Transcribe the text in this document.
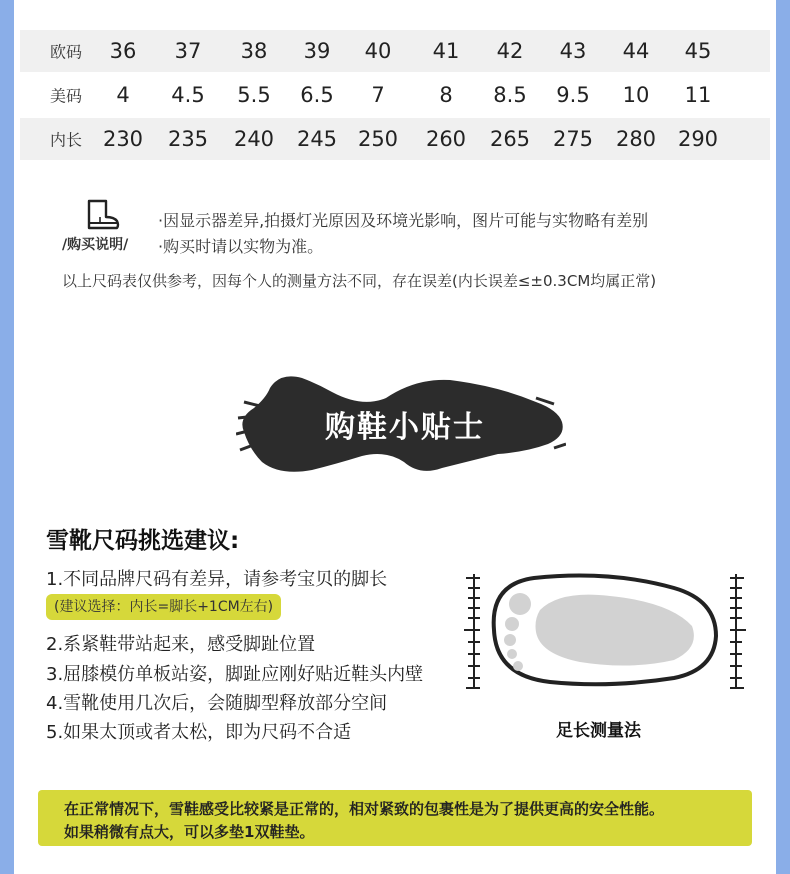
欧码 36 37 38 39 40 41 42 43 44 45
美码 4 4.5 5.5 6.5 7	8 8.5 9.5 10 11
内长 230 235 240 245 250 260 265 275 280 290
/购买说明/
·因显示器差异,拍摄灯光原因及环境光影响，图片可能与实物略有差别
·购买时请以实物为准。
以上尺码表仅供参考，因每个人的测量方法不同，存在误差(内长误差≤±0.3CM均属正常)
购鞋小贴士
雪靴尺码挑选建议:
1.不同品牌尺码有差异，请参考宝贝的脚长
(建议选择：内长=脚长+1CM左右)
2.系紧鞋带站起来，感受脚趾位置
3.屈膝模仿单板站姿，脚趾应刚好贴近鞋头内壁
4.雪靴使用几次后，会随脚型释放部分空间
5.如果太顶或者太松，即为尺码不合适	足长测量法
在正常情况下，雪鞋感受比较紧是正常的，相对紧致的包裹性是为了提供更高的安全性能。
如果稍微有点大，可以多垫1双鞋垫。
